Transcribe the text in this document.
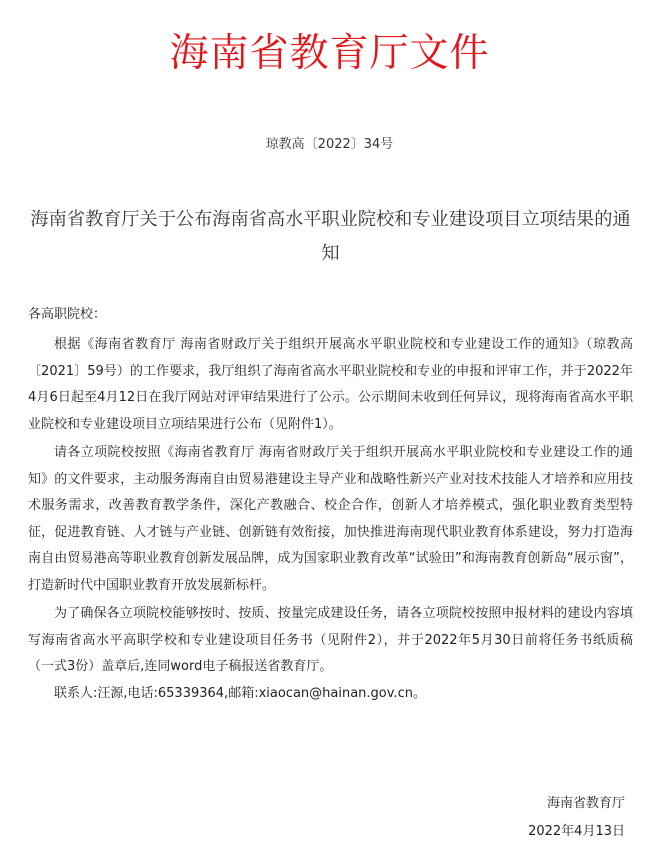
海南省教育厅文件
琼教高〔2022〕34号
海南省教育厅关于公布海南省高水平职业院校和专业建设项目立项结果的通知
各高职院校：

根据《海南省教育厅 海南省财政厅关于组织开展高水平职业院校和专业建设工作的通知》（琼教高〔2021〕59号）的工作要求，我厅组织了海南省高水平职业院校和专业的申报和评审工作，并于2022年4月6日起至4月12日在我厅网站对评审结果进行了公示。公示期间未收到任何异议，现将海南省高水平职业院校和专业建设项目立项结果进行公布（见附件1）。

请各立项院校按照《海南省教育厅 海南省财政厅关于组织开展高水平职业院校和专业建设工作的通知》的文件要求，主动服务海南自由贸易港建设主导产业和战略性新兴产业对技术技能人才培养和应用技术服务需求，改善教育教学条件，深化产教融合、校企合作，创新人才培养模式，强化职业教育类型特征，促进教育链、人才链与产业链、创新链有效衔接，加快推进海南现代职业教育体系建设，努力打造海南自由贸易港高等职业教育创新发展品牌，成为国家职业教育改革“试验田”和海南教育创新岛“展示窗”，打造新时代中国职业教育开放发展新标杆。

为了确保各立项院校能够按时、按质、按量完成建设任务，请各立项院校按照申报材料的建设内容填写海南省高水平高职学校和专业建设项目任务书（见附件2），并于2022年5月30日前将任务书纸质稿（一式3份）盖章后,连同word电子稿报送省教育厅。

联系人:汪源,电话:65339364,邮箱:xiaocan@hainan.gov.cn。

海南省教育厅
2022年4月13日
